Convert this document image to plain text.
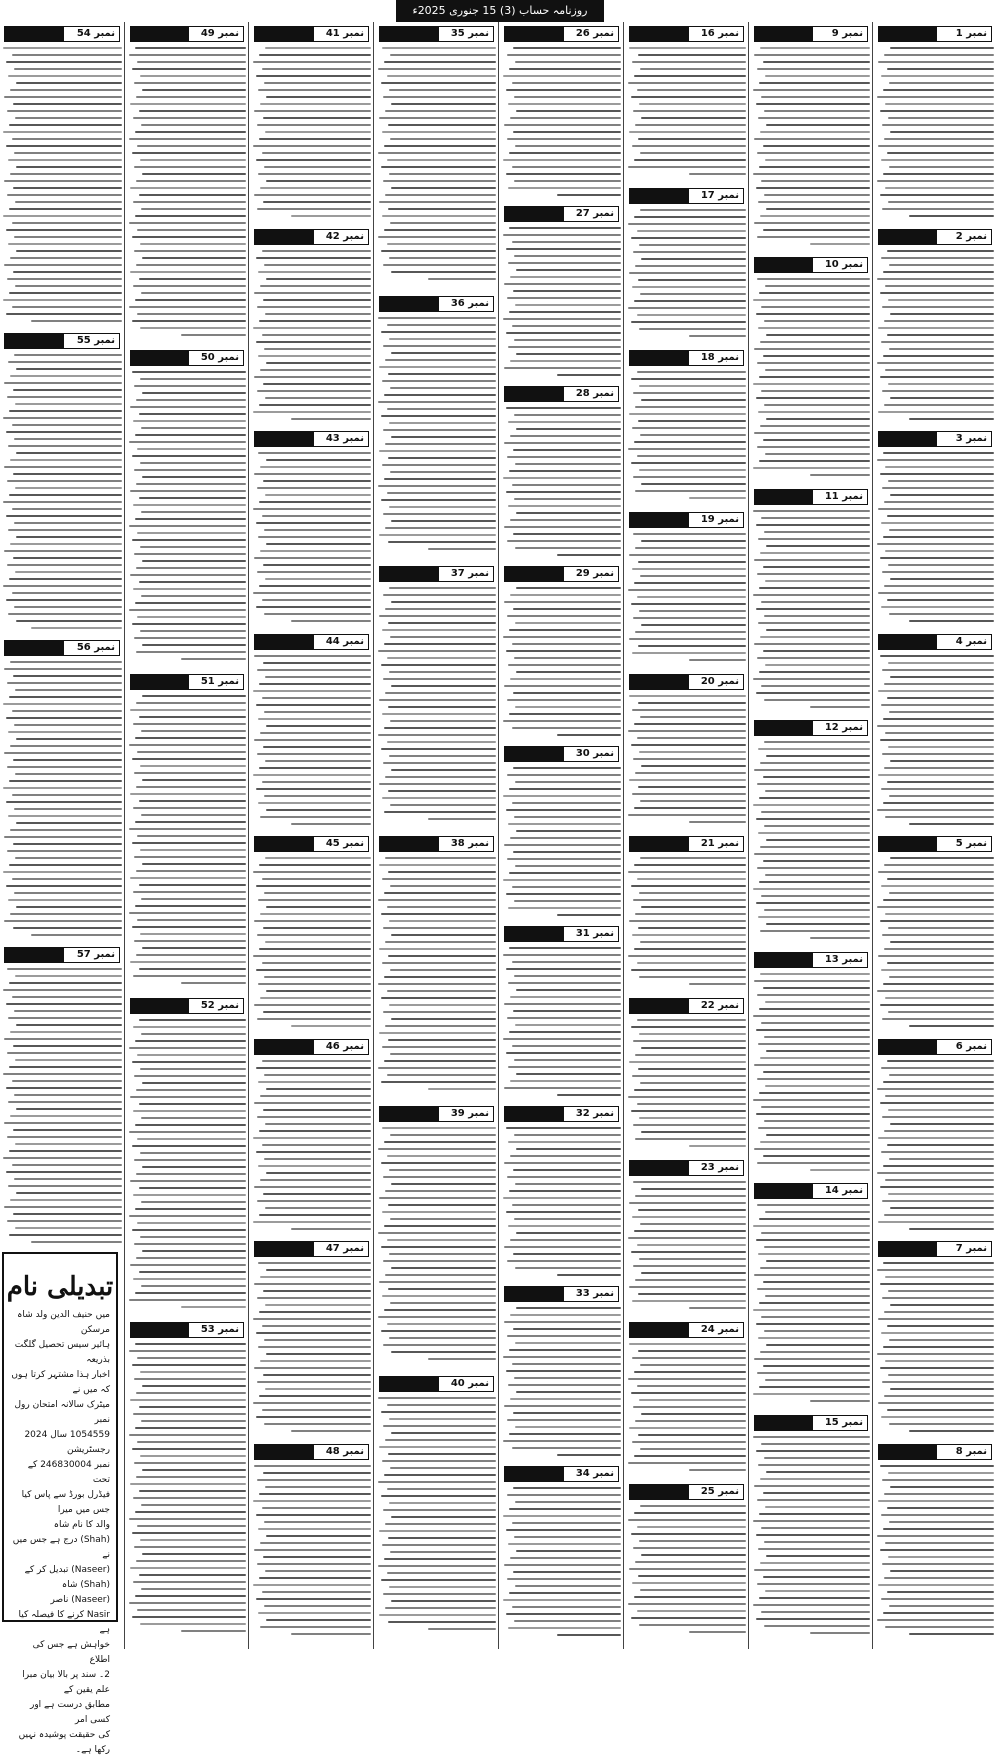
روزنامہ حساب (3) 15 جنوری 2025ء
نمبر 1
نمبر 2
نمبر 3
نمبر 4
نمبر 5
نمبر 6
نمبر 7
نمبر 8
نمبر 9
نمبر 10
نمبر 11
نمبر 12
نمبر 13
نمبر 14
نمبر 15
نمبر 16
نمبر 17
نمبر 18
نمبر 19
نمبر 20
نمبر 21
نمبر 22
نمبر 23
نمبر 24
نمبر 25
نمبر 26
نمبر 27
نمبر 28
نمبر 29
نمبر 30
نمبر 31
نمبر 32
نمبر 33
نمبر 34
نمبر 35
نمبر 36
نمبر 37
نمبر 38
نمبر 39
نمبر 40
نمبر 41
نمبر 42
نمبر 43
نمبر 44
نمبر 45
نمبر 46
نمبر 47
نمبر 48
نمبر 49
نمبر 50
نمبر 51
نمبر 52
نمبر 53
نمبر 54
نمبر 55
نمبر 56
نمبر 57
تبدیلی نام
میں حنیف الدین ولد شاہ مرسکن
ہائیر سیس تحصیل گلگت بذریعہ
اخبار ہذا مشتہر کرتا ہوں کہ میں نے
میٹرک سالانہ امتحان رول نمبر
1054559 سال 2024 رجسٹریشن
نمبر 246830004 کے تحت
فیڈرل بورڈ سے پاس کیا جس میں میرا
والد کا نام شاہ
(Shah) درج ہے جس میں نے
(Naseer) تبدیل کر کے
(Shah) شاہ
(Naseer) ناصر
Nasir کرنے کا فیصلہ کیا ہے
خواہش ہے جس کی اطلاع
2۔ سند پر بالا بیان مبرا علم یقین کے
مطابق درست ہے اور کسی امر
کی حقیقت پوشیدہ نہیں رکھا ہے۔
